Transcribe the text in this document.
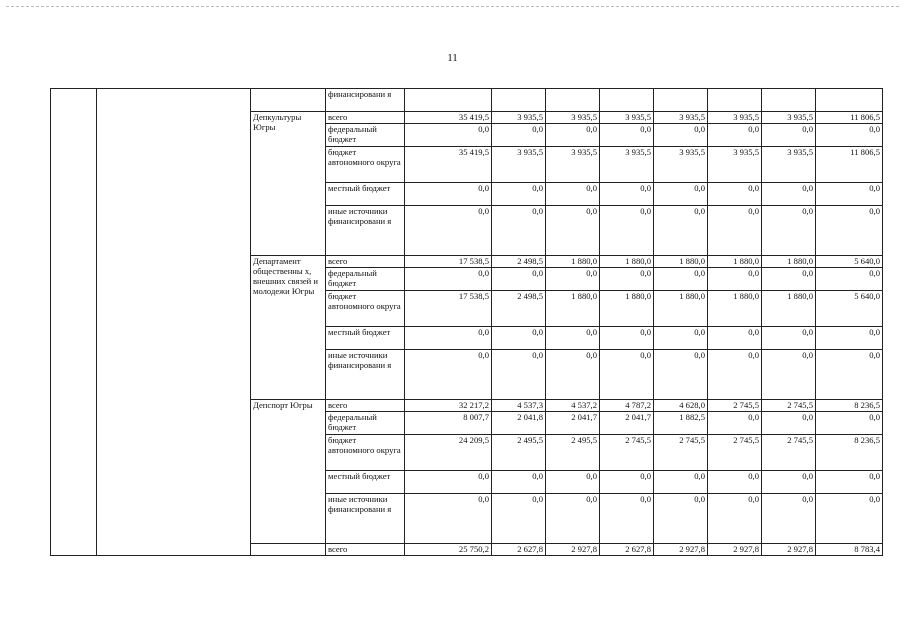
11
			финансировани я								
		Депкультуры Югры	всего	35 419,5	3 935,5	3 935,5	3 935,5	3 935,5	3 935,5	3 935,5	11 806,5
			федеральный бюджет	0,0	0,0	0,0	0,0	0,0	0,0	0,0	0,0
			бюджет автономного округа	35 419,5	3 935,5	3 935,5	3 935,5	3 935,5	3 935,5	3 935,5	11 806,5
			местный бюджет	0,0	0,0	0,0	0,0	0,0	0,0	0,0	0,0
			иные источники финансировани я	0,0	0,0	0,0	0,0	0,0	0,0	0,0	0,0
		Департамент общественны х, внешних связей и молодежи Югры	всего	17 538,5	2 498,5	1 880,0	1 880,0	1 880,0	1 880,0	1 880,0	5 640,0
			федеральный бюджет	0,0	0,0	0,0	0,0	0,0	0,0	0,0	0,0
			бюджет автономного округа	17 538,5	2 498,5	1 880,0	1 880,0	1 880,0	1 880,0	1 880,0	5 640,0
			местный бюджет	0,0	0,0	0,0	0,0	0,0	0,0	0,0	0,0
			иные источники финансировани я	0,0	0,0	0,0	0,0	0,0	0,0	0,0	0,0
		Депспорт Югры	всего	32 217,2	4 537,3	4 537,2	4 787,2	4 628,0	2 745,5	2 745,5	8 236,5
			федеральный бюджет	8 007,7	2 041,8	2 041,7	2 041,7	1 882,5	0,0	0,0	0,0
			бюджет автономного округа	24 209,5	2 495,5	2 495,5	2 745,5	2 745,5	2 745,5	2 745,5	8 236,5
			местный бюджет	0,0	0,0	0,0	0,0	0,0	0,0	0,0	0,0
			иные источники финансировани я	0,0	0,0	0,0	0,0	0,0	0,0	0,0	0,0
			всего	25 750,2	2 627,8	2 927,8	2 627,8	2 927,8	2 927,8	2 927,8	8 783,4
